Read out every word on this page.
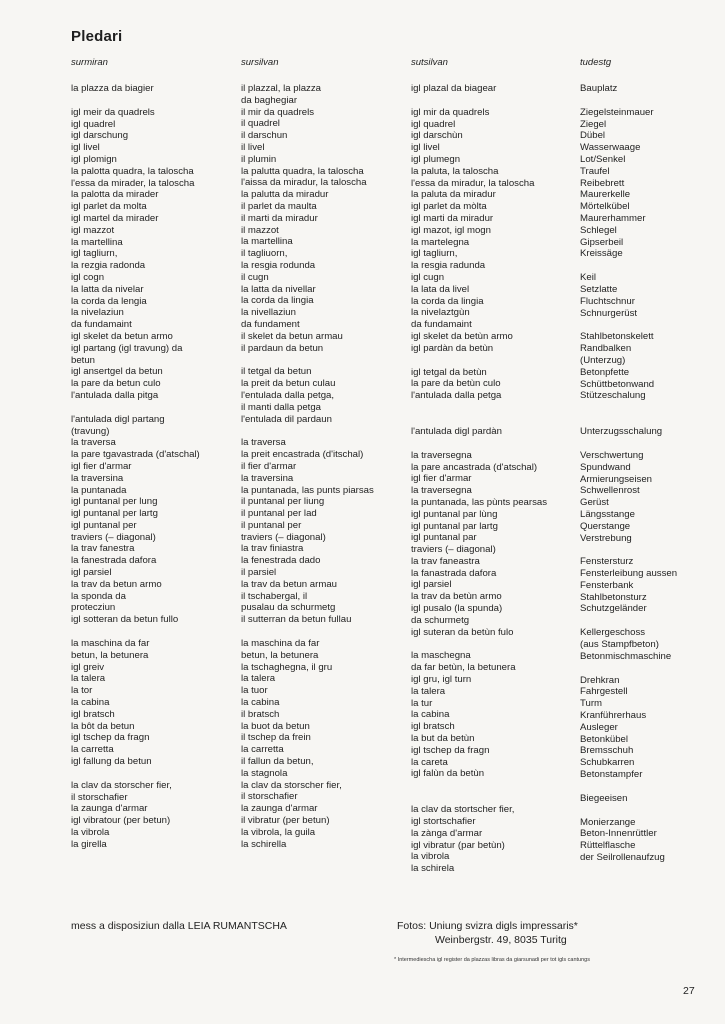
Pledari
surmiran
la plazza da biagier
igl meir da quadrels
igl quadrel
igl darschung
igl livel
igl plomign
la palotta quadra, la taloscha
l'essa da mirader, la taloscha
la palotta da mirader
igl parlet da molta
igl martel da mirader
igl mazzot
la martellina
igl tagliurn,
la rezgia radonda
igl cogn
la latta da nivelar
la corda da lengia
la nivelaziun
da fundamaint
igl skelet da betun armo
igl partang (igl travung) da
betun
igl ansertgel da betun
la pare da betun culo
l'antulada dalla pitga
l'antulada digl partang
(travung)
la traversa
la pare tgavastrada (d'atschal)
igl fier d'armar
la traversina
la puntanada
igl puntanal per lung
igl puntanal per lartg
igl puntanal per
traviers (– diagonal)
la trav fanestra
la fanestrada dafora
igl parsiel
la trav da betun armo
la sponda da
protecziun
igl sotteran da betun fullo
la maschina da far
betun, la betunera
igl greiv
la talera
la tor
la cabina
igl bratsch
la bôt da betun
igl tschep da fragn
la carretta
igl fallung da betun
la clav da storscher fier,
il storschafier
la zaunga d'armar
igl vibratour (per betun)
la vibrola
la girella
sursilvan
il plazzal, la plazza
da baghegiar
il mir da quadrels
il quadrel
il darschun
il livel
il plumin
la palutta quadra, la taloscha
l'aissa da miradur, la taloscha
la palutta da miradur
il parlet da maulta
il marti da miradur
il mazzot
la martellina
il tagliuorn,
la resgia rodunda
il cugn
la latta da nivellar
la corda da lingia
la nivellaziun
da fundament
il skelet da betun armau
il pardaun da betun
il tetgal da betun
la preit da betun culau
l'entulada dalla petga,
il manti dalla petga
l'entulada dil pardaun
la traversa
la preit encastrada (d'itschal)
il fier d'armar
la traversina
la puntanada, las punts piarsas
il puntanal per liung
il puntanal per lad
il puntanal per
traviers (– diagonal)
la trav finiastra
la fenestrada dado
il parsiel
la trav da betun armau
il tschabergal, il
pusalau da schurmetg
il sutterran da betun fullau
la maschina da far
betun, la betunera
la tschaghegna, il gru
la talera
la tuor
la cabina
il bratsch
la buot da betun
il tschep da frein
la carretta
il fallun da betun,
la stagnola
la clav da storscher fier,
il storschafier
la zaunga d'armar
il vibratur (per betun)
la vibrola, la guila
la schirella
sutsilvan
igl plazal da biagear
igl mir da quadrels
igl quadrel
igl darschùn
igl livel
igl plumegn
la paluta, la taloscha
l'essa da miradur, la taloscha
la paluta da miradur
igl parlet da mòlta
igl marti da miradur
igl mazot, igl mogn
la martelegna
igl tagliurn,
la resgia radunda
igl cugn
la lata da livel
la corda da lingia
la nivelaztgùn
da fundamaint
igl skelet da betùn armo
igl pardàn da betùn
igl tetgal da betùn
la pare da betùn culo
l'antulada dalla petga
l'antulada digl pardàn
la traversegna
la pare ancastrada (d'atschal)
igl fier d'armar
la traversegna
la puntanada, las pùnts pearsas
igl puntanal par lùng
igl puntanal par lartg
igl puntanal par
traviers (– diagonal)
la trav faneastra
la fanastrada dafora
igl parsiel
la trav da betùn armo
igl pusalo (la spunda)
da schurmetg
igl suteran da betùn fulo
la maschegna
da far betùn, la betunera
igl gru, igl turn
la talera
la tur
la cabina
igl bratsch
la but da betùn
igl tschep da fragn
la careta
igl falùn da betùn
la clav da stortscher fier,
igl stortschafier
la zànga d'armar
igl vibratur (par betùn)
la vibrola
la schirela
tudestg
Bauplatz
Ziegelsteinmauer
Ziegel
Dübel
Wasserwaage
Lot/Senkel
Traufel
Reibebrett
Maurerkelle
Mörtelkübel
Maurerhammer
Schlegel
Gipserbeil
Kreissäge
Keil
Setzlatte
Fluchtschnur
Schnurgerüst
Stahlbetonskelett
Randbalken
(Unterzug)
Betonpfette
Schüttbetonwand
Stützeschalung
Unterzugsschalung
Verschwertung
Spundwand
Armierungseisen
Schwellenrost
Gerüst
Längsstange
Querstange
Verstrebung
Fenstersturz
Fensterleibung aussen
Fensterbank
Stahlbetonsturz
Schutzgeländer
Kellergeschoss
(aus Stampfbeton)
Betonmischmaschine
Drehkran
Fahrgestell
Turm
Kranführerhaus
Ausleger
Betonkübel
Bremsschuh
Schubkarren
Betonstampfer
Biegeeisen
Monierzange
Beton-Innenrüttler
Rüttelflasche
der Seilrollenaufzug
mess a disposiziun dalla LEIA RUMANTSCHA	Fotos: Uniung svizra digls impressaris*
Weinbergstr. 49, 8035 Turitg
* Intermedieschа igl register da plazzas libras da giarsunadi per tot igls cantungs
27
